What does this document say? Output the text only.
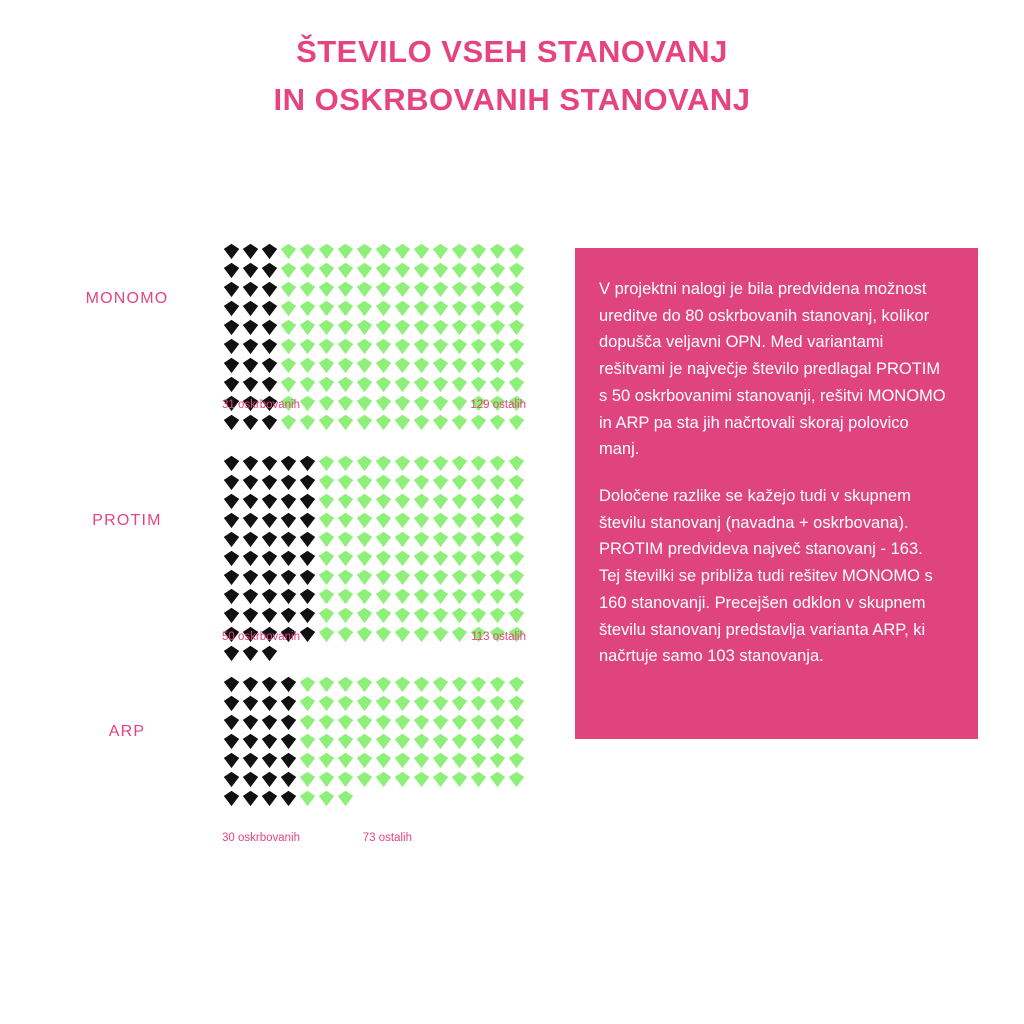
ŠTEVILO VSEH STANOVANJ
IN OSKRBOVANIH STANOVANJ
MONOMO
31 oskrbovanih	129 ostalih
PROTIM
50 oskrbovanih	113 ostalih
ARP
30 oskrbovanih	73 ostalih

V projektni nalogi je bila predvidena možnost ureditve do 80 oskrbovanih stanovanj, kolikor dopušča veljavni OPN. Med variantami rešitvami je največje število predlagal PROTIM s 50 oskrbovanimi stanovanji, rešitvi MONOMO in ARP pa sta jih načrtovali skoraj polovico manj.

Določene razlike se kažejo tudi v skupnem številu stanovanj (navadna + oskrbovana). PROTIM predvideva največ stanovanj - 163. Tej številki se približa tudi rešitev MONOMO s 160 stanovanji. Precejšen odklon v skupnem številu stanovanj predstavlja varianta ARP, ki načrtuje samo 103 stanovanja.
